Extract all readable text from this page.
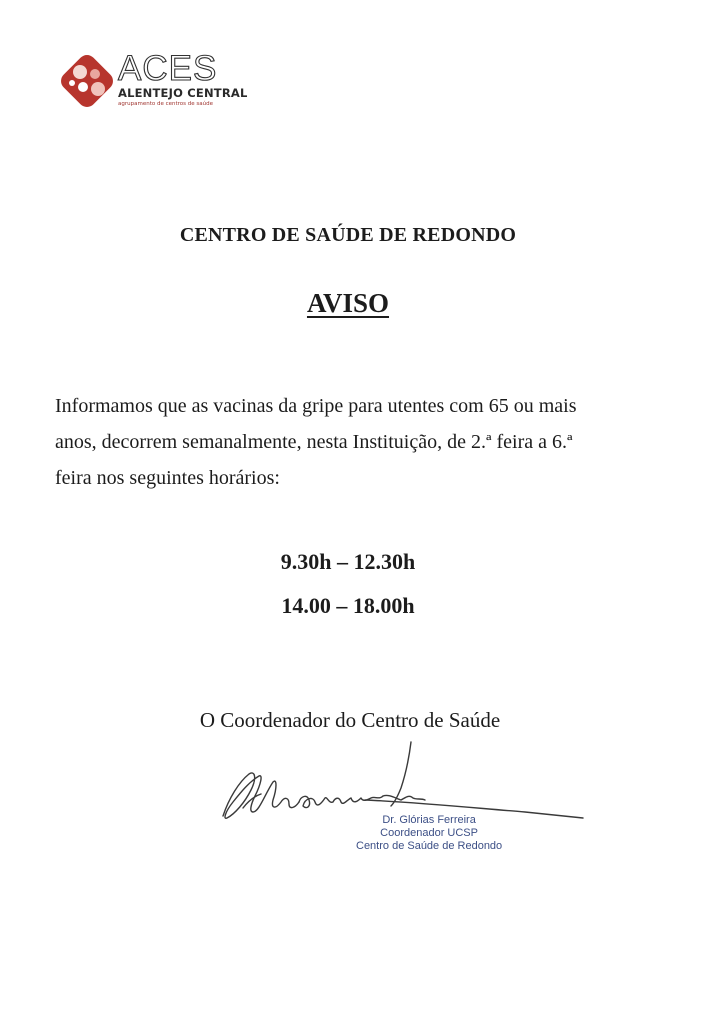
ACES
ALENTEJO CENTRAL
agrupamento de centros de saúde
CENTRO DE SAÚDE DE REDONDO
AVISO

Informamos que as vacinas da gripe para utentes com 65 ou mais

anos, decorrem semanalmente, nesta Instituição, de 2.ª feira a 6.ª

feira nos seguintes horários:

9.30h – 12.30h
14.00 – 18.00h
O Coordenador do Centro de Saúde
Dr. Glórias Ferreira
Coordenador UCSP
Centro de Saúde de Redondo
